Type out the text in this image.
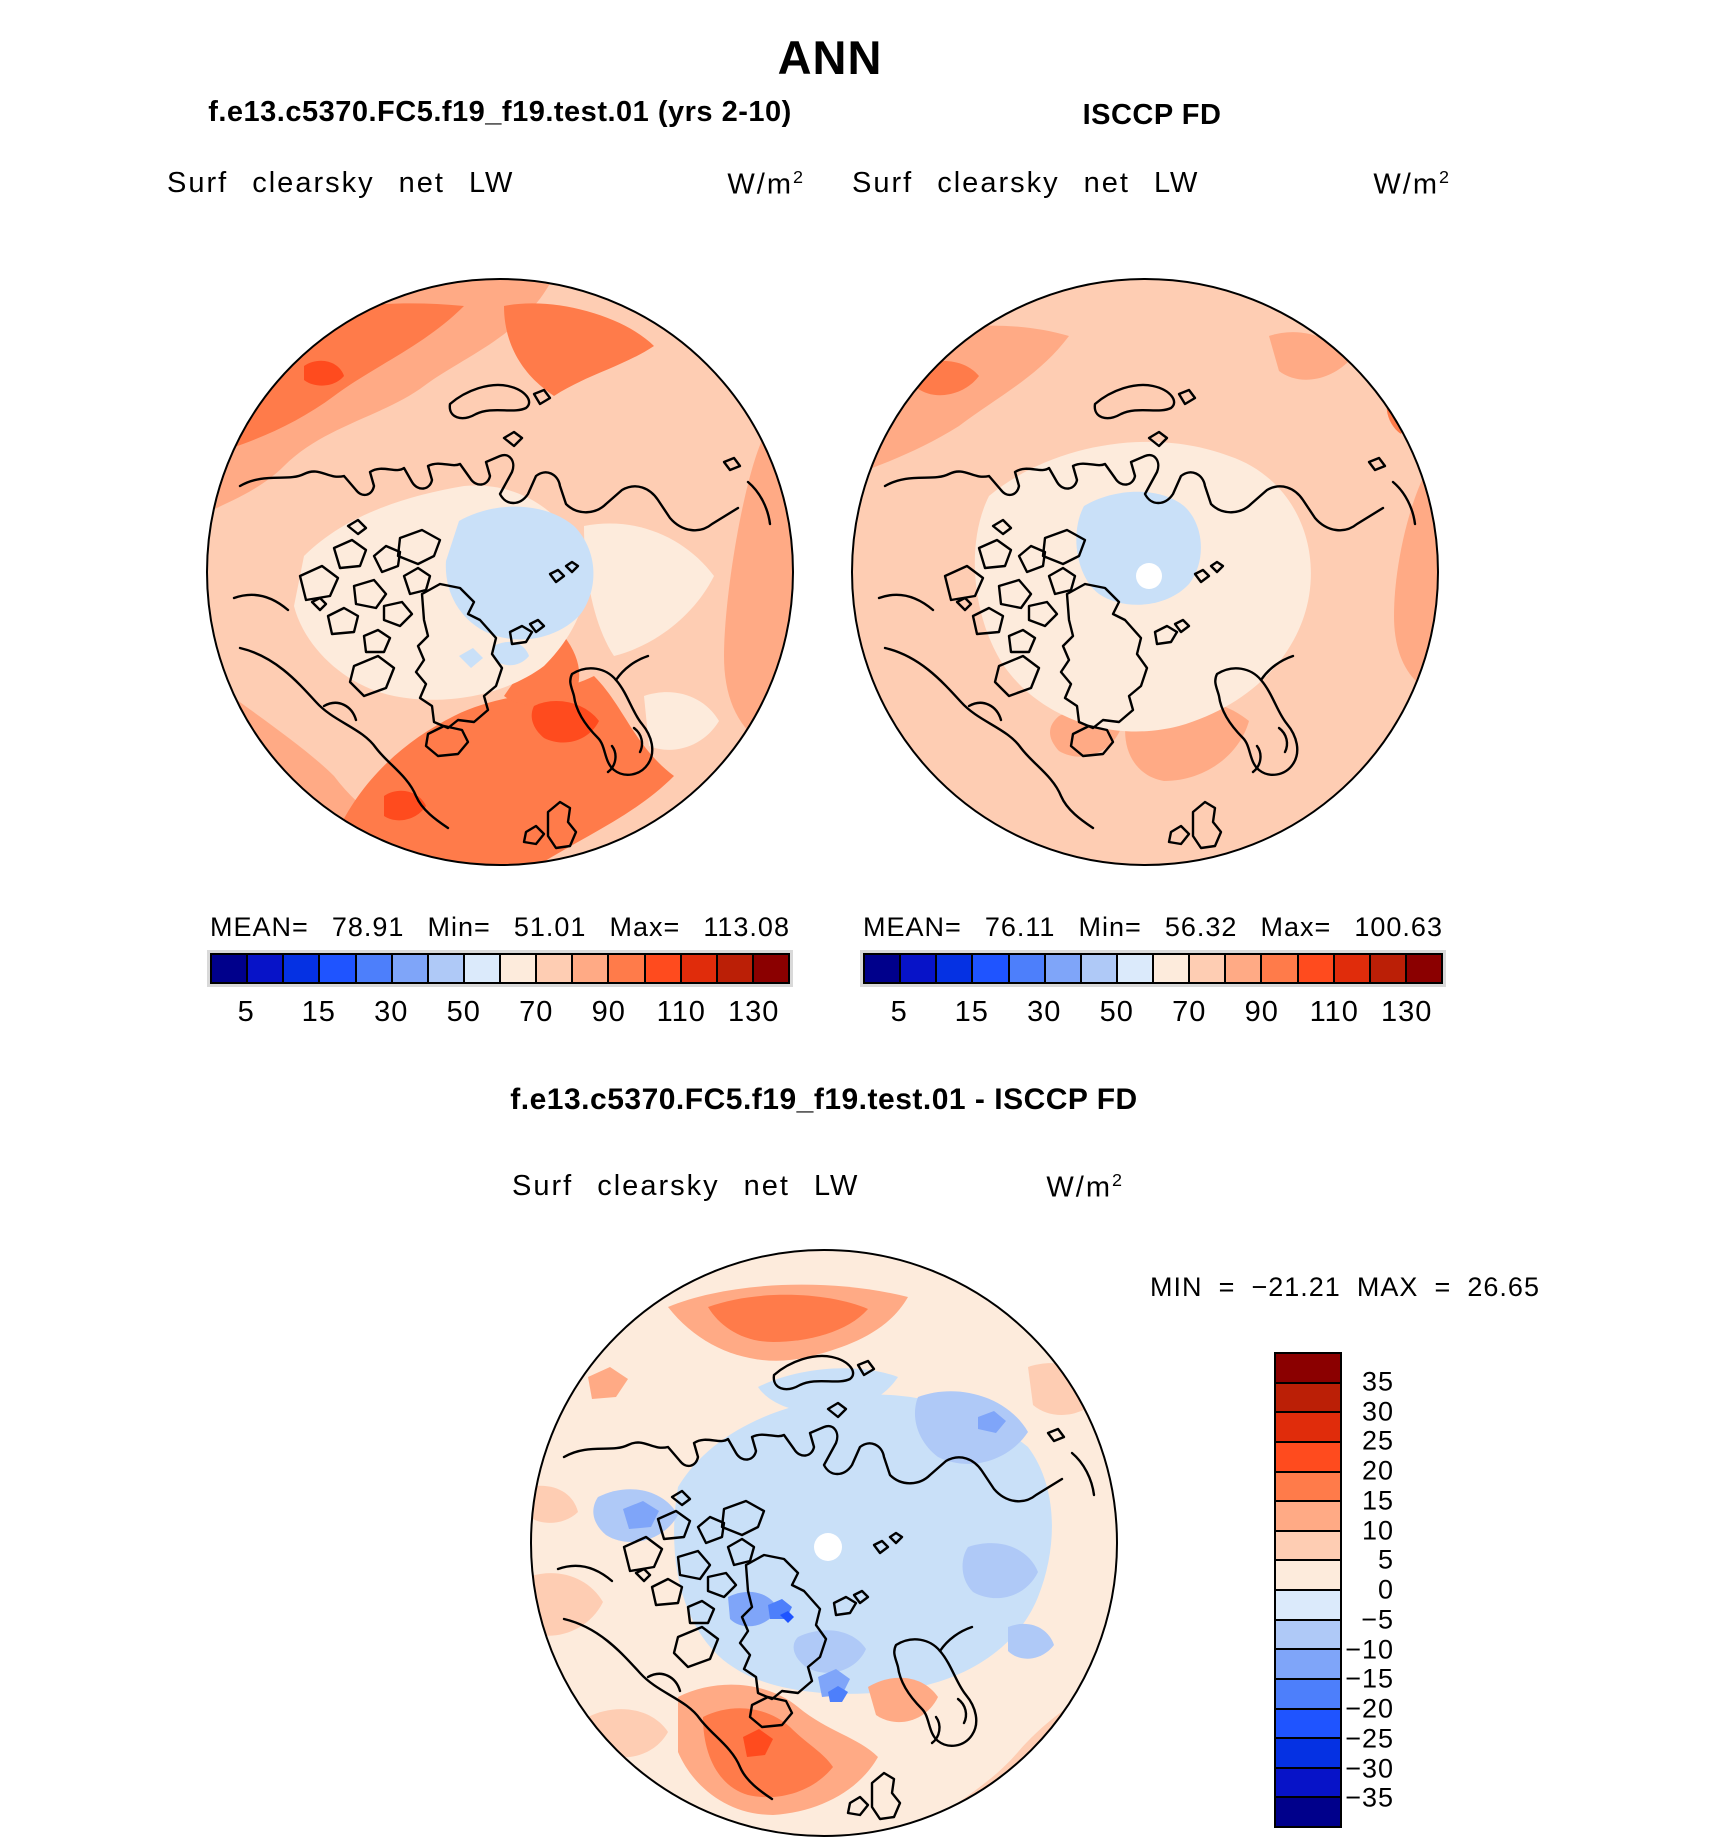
ANN
f.e13.c5370.FC5.f19_f19.test.01 (yrs 2-10)	ISCCP FD
Surf clearsky net LW	$W/m^2$ Surf clearsky net LW	$W/m^2$
MEAN= 78.91 Min= 51.01 Max= 113.08	MEAN= 76.11 Min= 56.32 Max= 100.63
5 15 30 50 70 90 110 130	5 15 30 50 70 90 110 130
f.e13.c5370.FC5.f19_f19.test.01 - ISCCP FD
Surf clearsky net LW	$W/m^2$
MIN = −21.21 MAX = 26.65
35
30
25
20
15
10
5
0
−5
−10
−15
−20
−25
−30
−35
